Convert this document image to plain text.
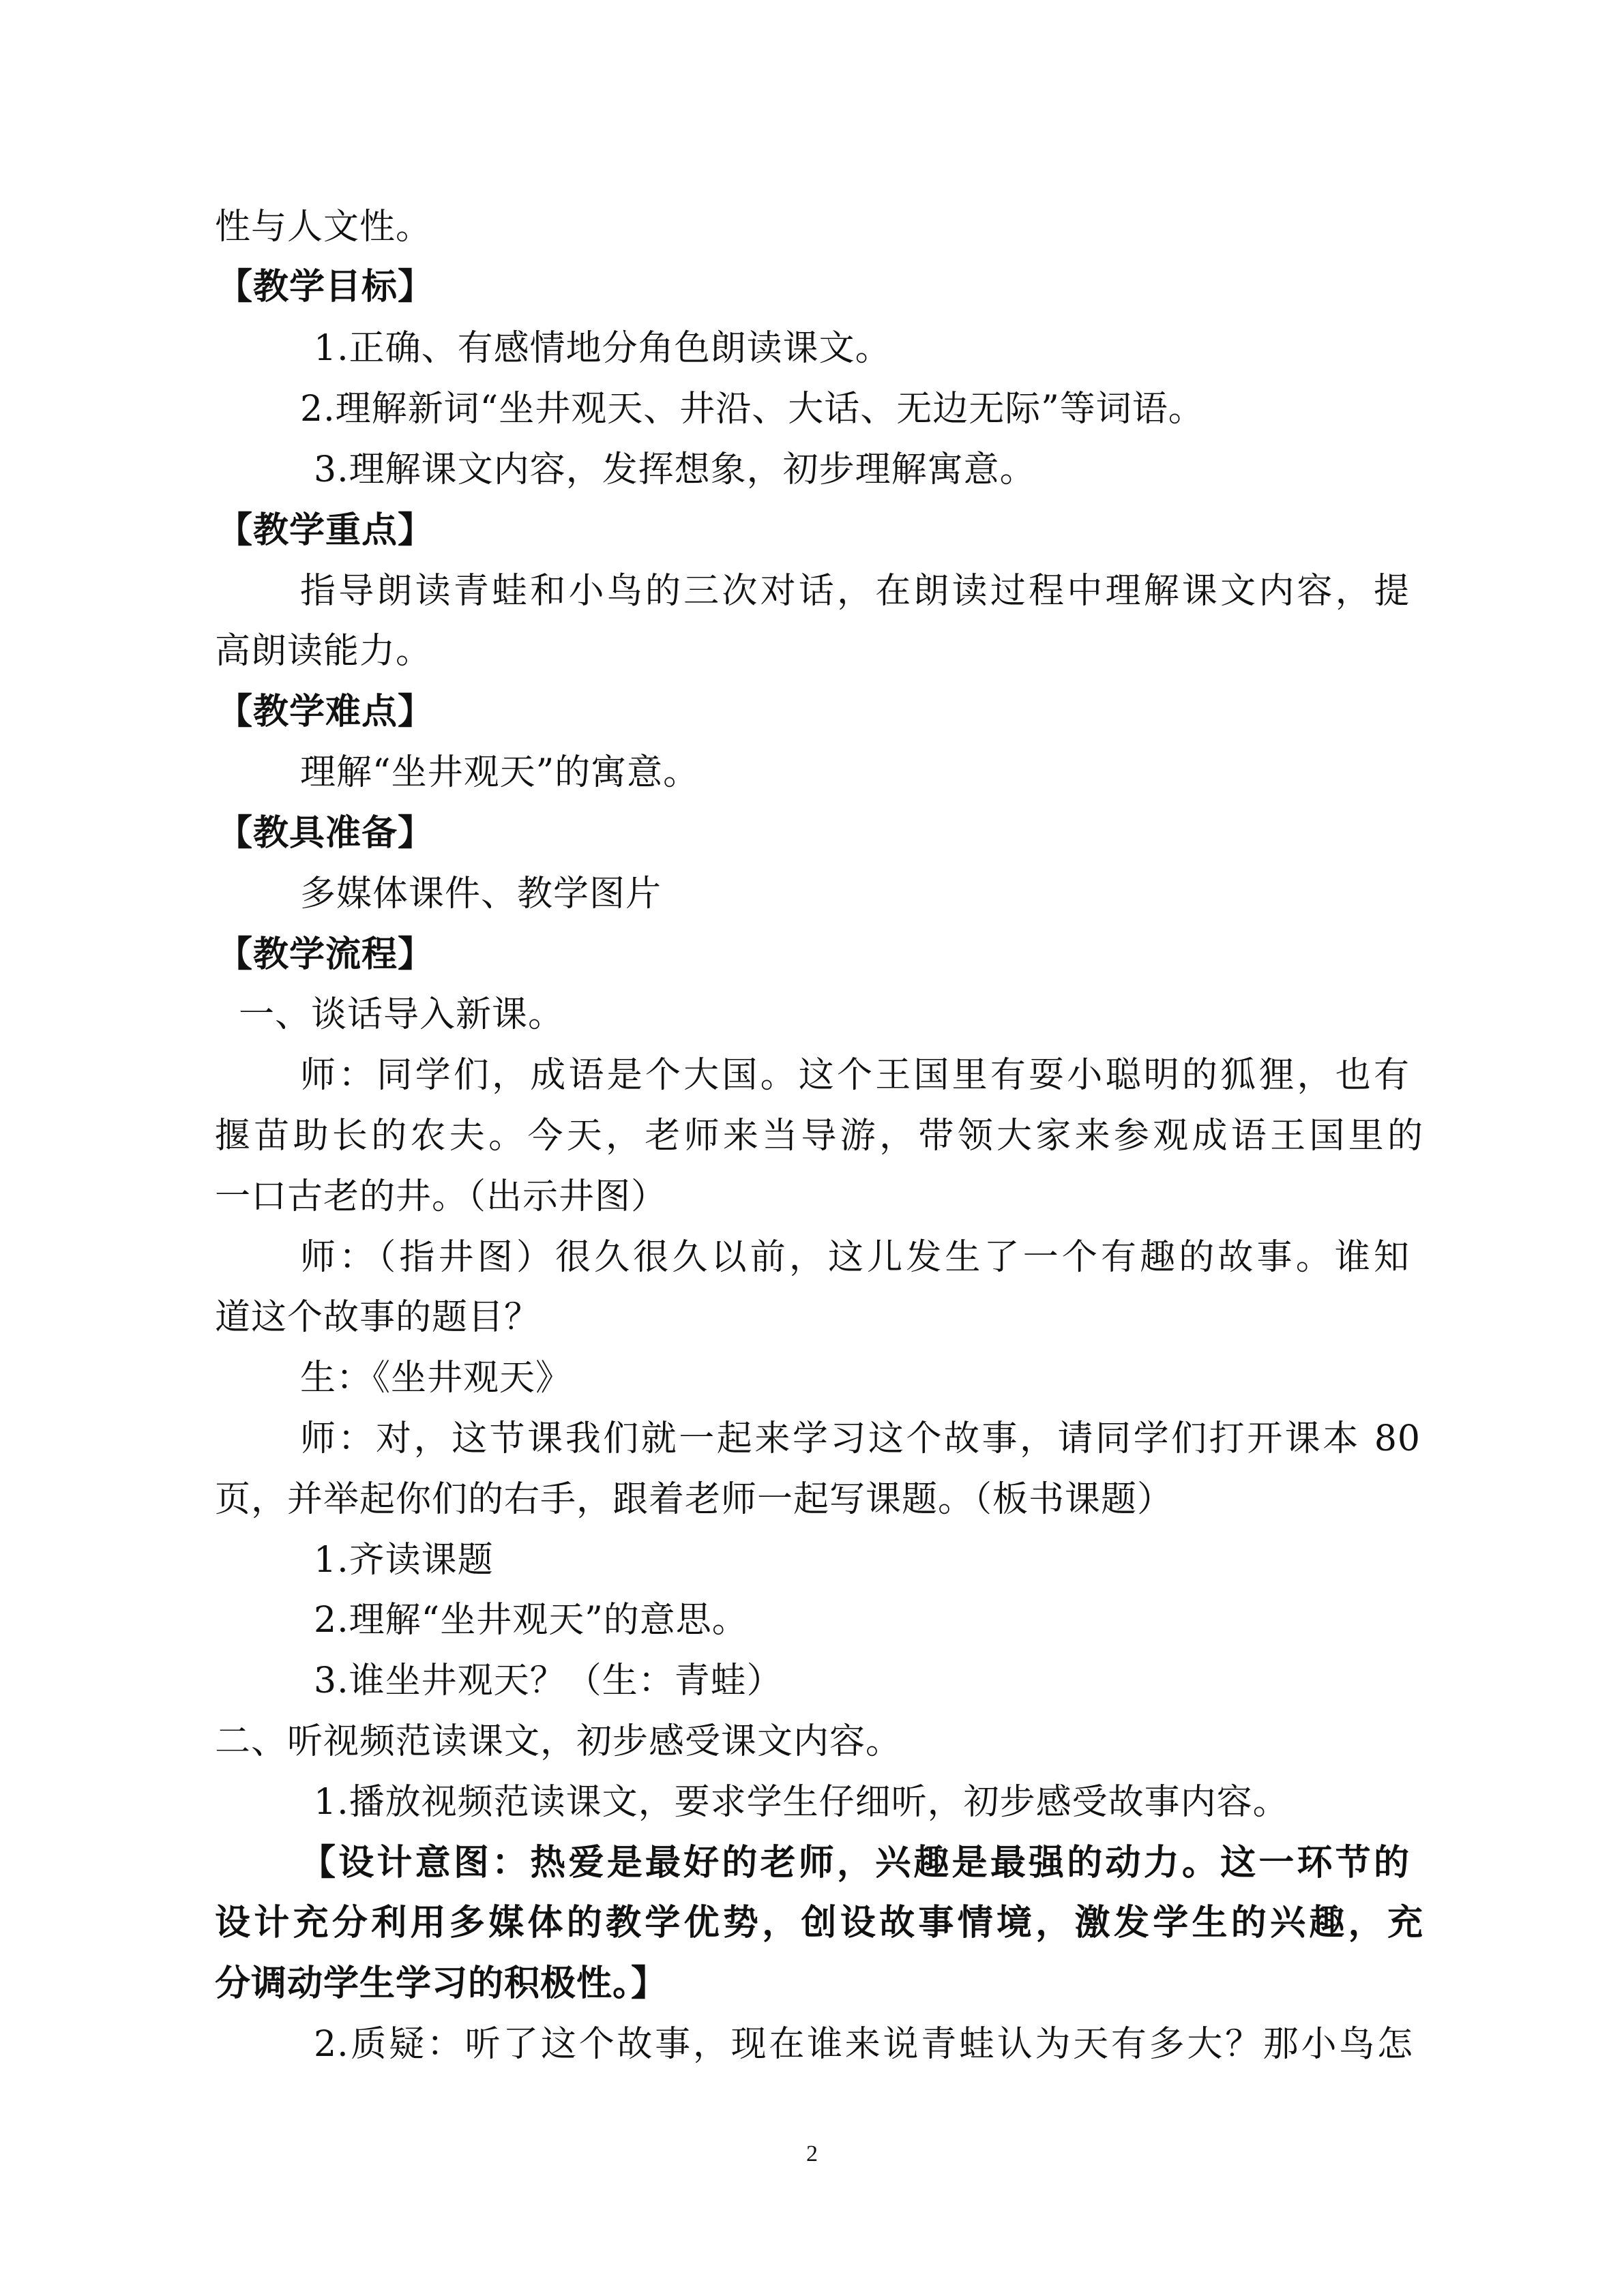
性与人文性。
【教学目标】
1.正确、有感情地分角色朗读课文。
2.理解新词“坐井观天、井沿、大话、无边无际”等词语。
3.理解课文内容，发挥想象，初步理解寓意。
【教学重点】
指导朗读青蛙和小鸟的三次对话，在朗读过程中理解课文内容，提
高朗读能力。
【教学难点】
理解“坐井观天”的寓意。
【教具准备】
多媒体课件、教学图片
【教学流程】
一、谈话导入新课。
师：同学们，成语是个大国。这个王国里有耍小聪明的狐狸，也有
揠苗助长的农夫。今天，老师来当导游，带领大家来参观成语王国里的
一口古老的井。（出示井图）
师：（指井图）很久很久以前，这儿发生了一个有趣的故事。谁知
道这个故事的题目？
生：《坐井观天》
师：对，这节课我们就一起来学习这个故事，请同学们打开课本 80
页，并举起你们的右手，跟着老师一起写课题。（板书课题）
1.齐读课题
2.理解“坐井观天”的意思。
3.谁坐井观天？（生：青蛙）
二、听视频范读课文，初步感受课文内容。
1.播放视频范读课文，要求学生仔细听，初步感受故事内容。
【设计意图：热爱是最好的老师，兴趣是最强的动力。这一环节的
设计充分利用多媒体的教学优势，创设故事情境，激发学生的兴趣，充
分调动学生学习的积极性。】
2.质疑：听了这个故事，现在谁来说青蛙认为天有多大？那小鸟怎
2
